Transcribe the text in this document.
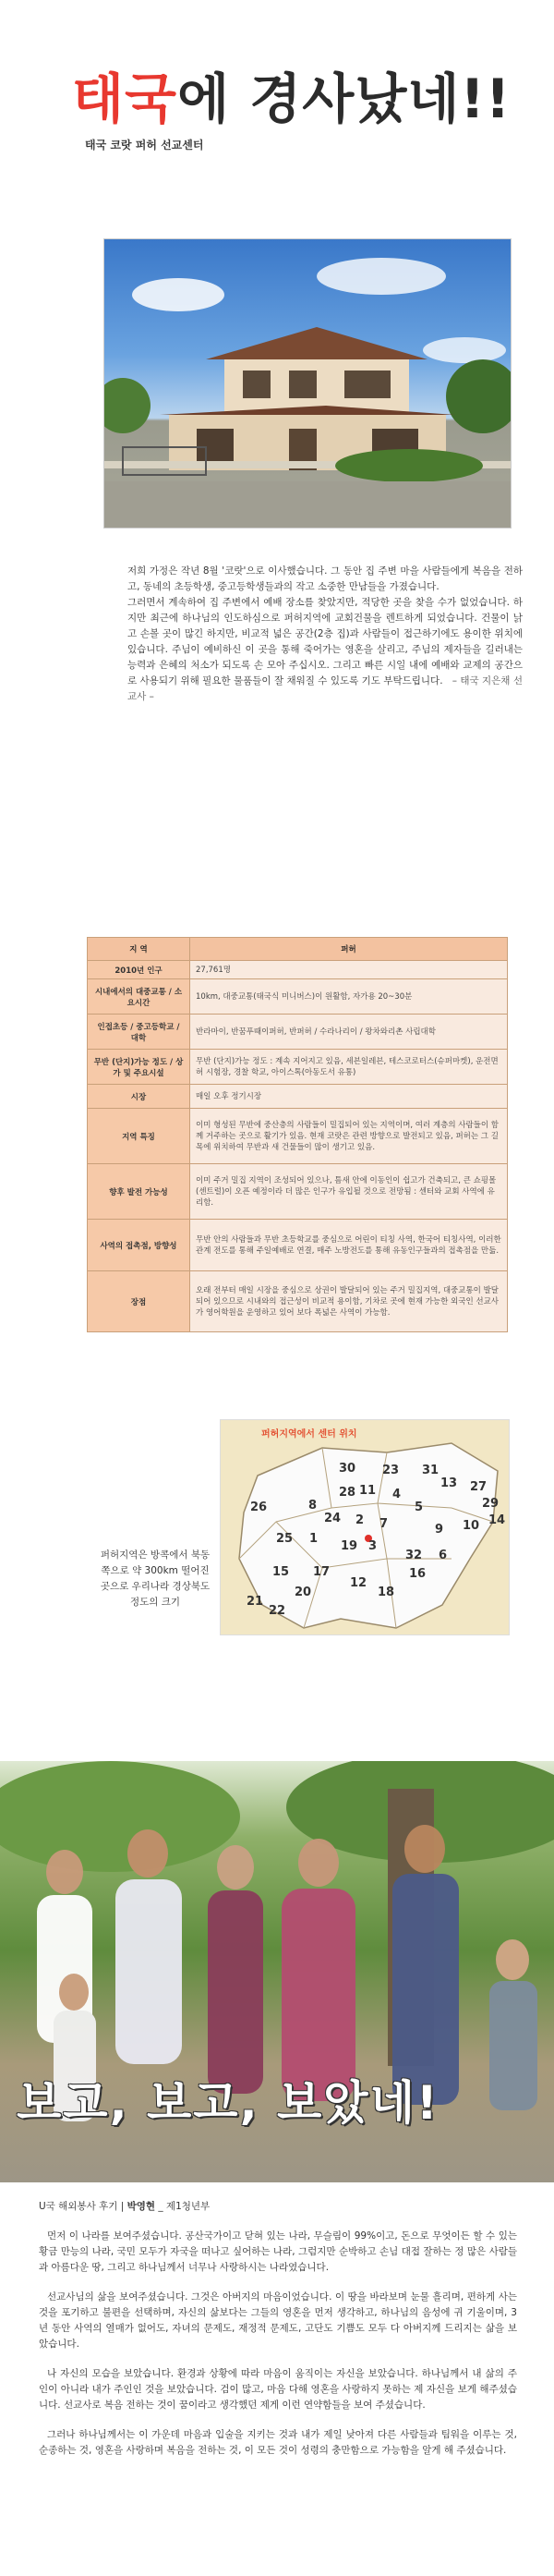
태국에 경사났네!!
태국 코랏 퍼허 선교센터

저희 가정은 작년 8월 '코랏'으로 이사했습니다. 그 동안 집 주변 마을 사람들에게 복음을 전하고, 동네의 초등학생, 중고등학생들과의 작고 소중한 만남들을 가졌습니다.

그러면서 계속하여 집 주변에서 예배 장소를 찾았지만, 적당한 곳을 찾을 수가 없었습니다. 하지만 최근에 하나님의 인도하심으로 퍼허지역에 교회건물을 렌트하게 되었습니다. 건물이 낡고 손볼 곳이 많긴 하지만, 비교적 넓은 공간(2층 집)과 사람들이 접근하기에도 용이한 위치에 있습니다. 주님이 예비하신 이 곳을 통해 죽어가는 영혼을 살리고, 주님의 제자들을 길러내는 능력과 은혜의 처소가 되도록 손 모아 주십시오. 그리고 빠른 시일 내에 예배와 교제의 공간으로 사용되기 위해 필요한 물품들이 잘 채워질 수 있도록 기도 부탁드립니다. – 태국 지은채 선교사 –

지 역	퍼허
2010년 인구	27,761명
시내에서의 대중교통 / 소요시간	10km, 대중교통(태국식 미니버스)이 원활함, 자가용 20~30분
인접초등 / 중고등학교 / 대학	반라마이, 반꿈푸때이퍼허, 반퍼허 / 수라나리이 / 왕차와리촌 사립대학
무반 (단지)가능 정도 / 상가 및 주요시설	무반 (단지)가능 정도 : 계속 지어지고 있음, 세븐일레븐, 테스코로터스(슈퍼마켓), 운전면허 시험장, 경찰 학교, 아이스톡(아동도서 유통)
시장	매일 오후 정기시장
지역 특징	이미 형성된 무반에 중산층의 사람들이 밀집되어 있는 지역이며, 여러 계층의 사람들이 함께 거주하는 곳으로 활기가 있음. 현재 코랏은 관련 방향으로 발전되고 있음, 퍼허는 그 길목에 위치하여 무반과 새 건물들이 많이 생기고 있음.
향후 발전 가능성	이미 주거 밀집 지역이 조성되어 있으나, 틈새 안에 이동인이 쉽고가 건축되고, 큰 쇼핑몰(센트럴)이 오픈 예정이라 더 많은 인구가 유입될 것으로 전망됨 : 센터와 교회 사역에 유리함.
사역의 접촉점, 방향성	무반 안의 사람들과 무반 초등학교를 중심으로 어린이 티칭 사역, 한국어 티칭사역, 이러한 관계 전도를 통해 주일예배로 연결, 매주 노방전도를 통해 유동인구들과의 접촉점을 만듦.
장점	오래 전부터 매일 시장을 중심으로 상권이 발달되어 있는 주거 밀집지역, 대중교통이 발달되어 있으므로 시내와의 접근성이 비교적 용이함, 기차로 곳에 현재 가능한 외국인 선교사가 영어학원을 운영하고 있어 보다 폭넓은 사역이 가능함.
30 23 31
13 27
29
26	8
28 11 4
5
24 2 7	9 10 14
25 1
19 3
32 6
16
15 17
12
20	18
22
21
퍼허지역에서 센터 위치
퍼허지역은 방콕에서 북동쪽으로 약 300km 떨어진 곳으로 우리나라 경상북도 정도의 크기
보고, 보고, 보았네!
U국 해외봉사 후기 | 박영현 _ 제1청년부

먼저 이 나라를 보여주셨습니다. 공산국가이고 닫혀 있는 나라, 무슬림이 99%이고, 돈으로 무엇이든 할 수 있는 황금 만능의 나라, 국민 모두가 자국을 떠나고 싶어하는 나라, 그럼지만 순박하고 손님 대접 잘하는 정 많은 사람들과 아름다운 땅, 그리고 하나님께서 너무나 사랑하시는 나라였습니다.

선교사님의 삶을 보여주셨습니다. 그것은 아버지의 마음이었습니다. 이 땅을 바라보며 눈물 흘리며, 편하게 사는 것을 포기하고 불편을 선택하며, 자신의 삶보다는 그들의 영혼을 먼저 생각하고, 하나님의 음성에 귀 기울이며, 3년 동안 사역의 열매가 없어도, 자녀의 문제도, 재정적 문제도, 고단도 기쁨도 모두 다 아버지께 드리지는 삶을 보았습니다.

나 자신의 모습을 보았습니다. 환경과 상황에 따라 마음이 움직이는 자신을 보았습니다. 하나님께서 내 삶의 주인이 아니라 내가 주인인 것을 보았습니다. 검이 많고, 마음 다해 영혼을 사랑하지 못하는 제 자신을 보게 해주셨습니다. 선교사로 복음 전하는 것이 꿈이라고 생각했던 제게 이런 연약함들을 보여 주셨습니다.

그러나 하나님께서는 이 가운데 마음과 입술을 지키는 것과 내가 제일 낮아져 다른 사람들과 팀워을 이루는 것, 순종하는 것, 영혼을 사랑하며 복음을 전하는 것, 이 모든 것이 성령의 충만함으로 가능함을 알게 해 주셨습니다.
